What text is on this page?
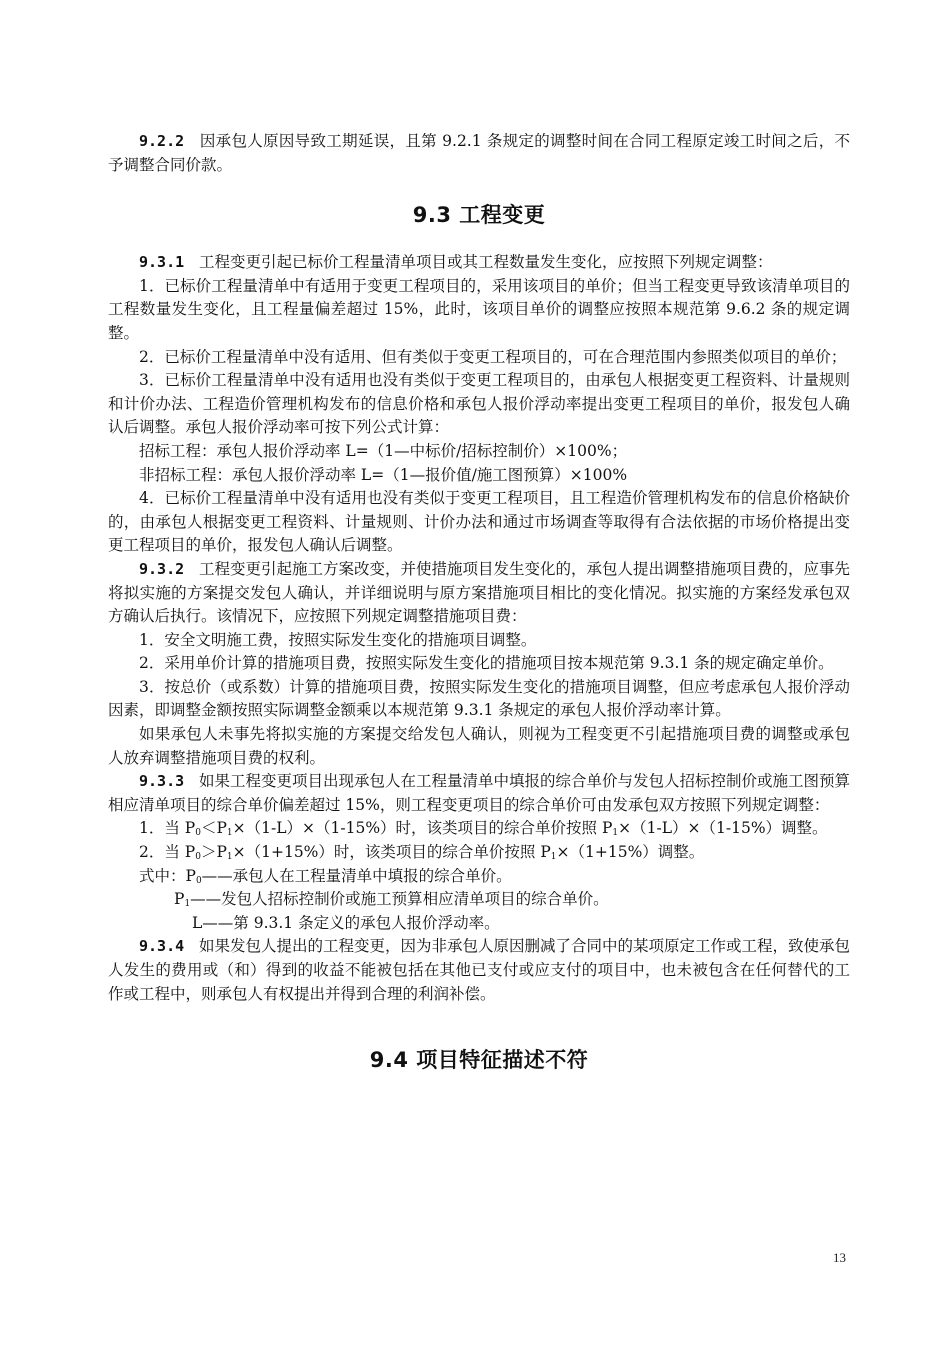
9.2.2 因承包人原因导致工期延误，且第 9.2.1 条规定的调整时间在合同工程原定竣工时间之后，不予调整合同价款。

9.3 工程变更

9.3.1 工程变更引起已标价工程量清单项目或其工程数量发生变化，应按照下列规定调整：

1．已标价工程量清单中有适用于变更工程项目的，采用该项目的单价；但当工程变更导致该清单项目的工程数量发生变化，且工程量偏差超过 15%，此时，该项目单价的调整应按照本规范第 9.6.2 条的规定调整。

2．已标价工程量清单中没有适用、但有类似于变更工程项目的，可在合理范围内参照类似项目的单价；

3．已标价工程量清单中没有适用也没有类似于变更工程项目的，由承包人根据变更工程资料、计量规则和计价办法、工程造价管理机构发布的信息价格和承包人报价浮动率提出变更工程项目的单价，报发包人确认后调整。承包人报价浮动率可按下列公式计算：

招标工程：承包人报价浮动率 L=（1—中标价/招标控制价）×100%；

非招标工程：承包人报价浮动率 L=（1—报价值/施工图预算）×100%

4．已标价工程量清单中没有适用也没有类似于变更工程项目，且工程造价管理机构发布的信息价格缺价的，由承包人根据变更工程资料、计量规则、计价办法和通过市场调查等取得有合法依据的市场价格提出变更工程项目的单价，报发包人确认后调整。

9.3.2 工程变更引起施工方案改变，并使措施项目发生变化的，承包人提出调整措施项目费的，应事先将拟实施的方案提交发包人确认，并详细说明与原方案措施项目相比的变化情况。拟实施的方案经发承包双方确认后执行。该情况下，应按照下列规定调整措施项目费：

1．安全文明施工费，按照实际发生变化的措施项目调整。

2．采用单价计算的措施项目费，按照实际发生变化的措施项目按本规范第 9.3.1 条的规定确定单价。

3．按总价（或系数）计算的措施项目费，按照实际发生变化的措施项目调整，但应考虑承包人报价浮动因素，即调整金额按照实际调整金额乘以本规范第 9.3.1 条规定的承包人报价浮动率计算。

如果承包人未事先将拟实施的方案提交给发包人确认，则视为工程变更不引起措施项目费的调整或承包人放弃调整措施项目费的权利。

9.3.3 如果工程变更项目出现承包人在工程量清单中填报的综合单价与发包人招标控制价或施工图预算相应清单项目的综合单价偏差超过 15%，则工程变更项目的综合单价可由发承包双方按照下列规定调整：

1．当 $P_0<P_1\times(1-L)\times(1-15\%)$时，该类项目的综合单价按照 $P_1\times(1-L)\times(1-15\%)$调整。

2．当 $P_0>P_1\times(1+15\%)$时，该类项目的综合单价按照 $P_1\times(1+15\%)$调整。

式中：$P_0——$承包人在工程量清单中填报的综合单价。

$P_1——$发包人招标控制价或施工预算相应清单项目的综合单价。

L——第 9.3.1 条定义的承包人报价浮动率。

9.3.4 如果发包人提出的工程变更，因为非承包人原因删减了合同中的某项原定工作或工程，致使承包人发生的费用或（和）得到的收益不能被包括在其他已支付或应支付的项目中，也未被包含在任何替代的工作或工程中，则承包人有权提出并得到合理的利润补偿。

9.4 项目特征描述不符
13
